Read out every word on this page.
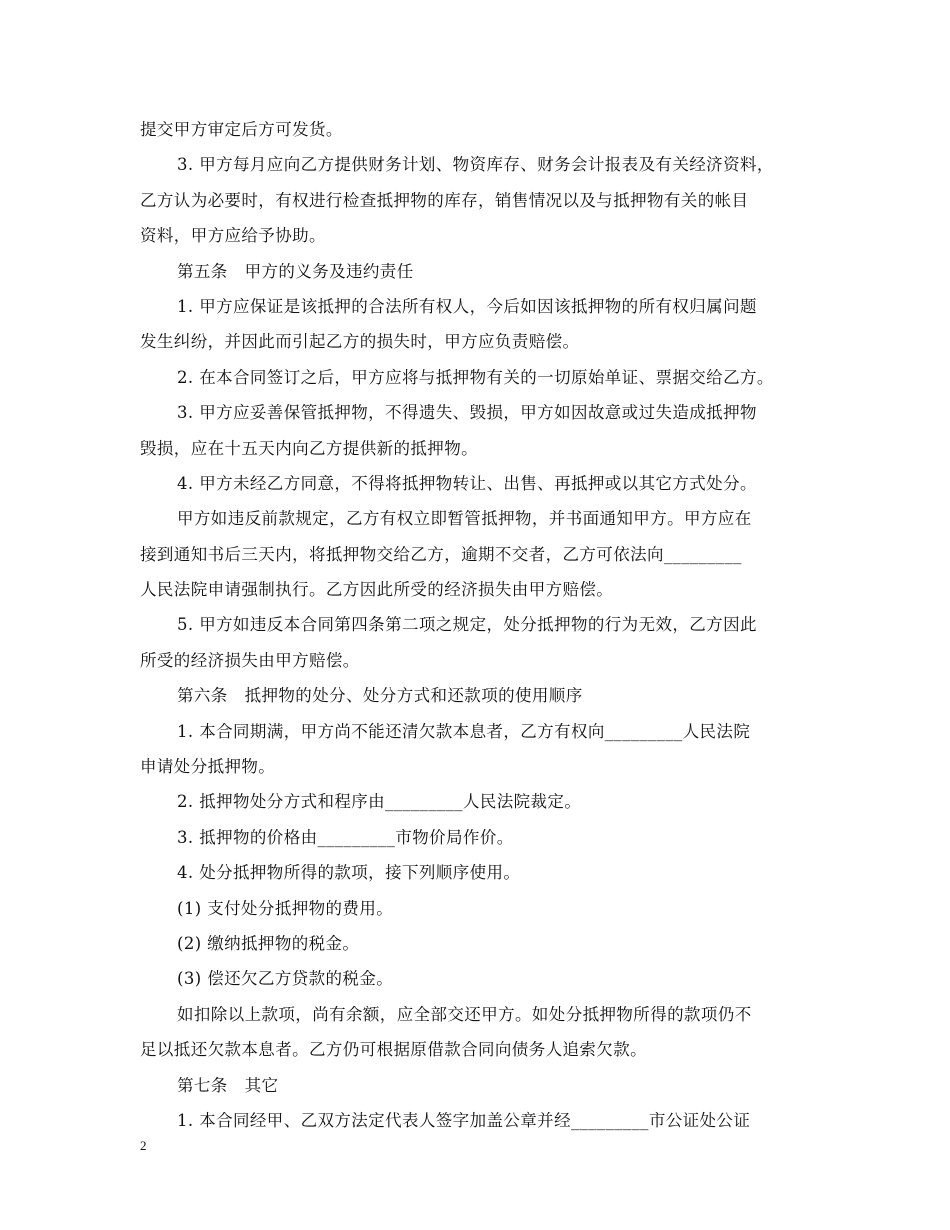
提交甲方审定后方可发货。
3. 甲方每月应向乙方提供财务计划、物资库存、财务会计报表及有关经济资料，
乙方认为必要时，有权进行检查抵押物的库存，销售情况以及与抵押物有关的帐目
资料，甲方应给予协助。
第五条　甲方的义务及违约责任
1. 甲方应保证是该抵押的合法所有权人，今后如因该抵押物的所有权归属问题
发生纠纷，并因此而引起乙方的损失时，甲方应负责赔偿。
2. 在本合同签订之后，甲方应将与抵押物有关的一切原始单证、票据交给乙方。
3. 甲方应妥善保管抵押物，不得遗失、毁损，甲方如因故意或过失造成抵押物
毁损，应在十五天内向乙方提供新的抵押物。
4. 甲方未经乙方同意，不得将抵押物转让、出售、再抵押或以其它方式处分。
甲方如违反前款规定，乙方有权立即暂管抵押物，并书面通知甲方。甲方应在
接到通知书后三天内，将抵押物交给乙方，逾期不交者，乙方可依法向_________
人民法院申请强制执行。乙方因此所受的经济损失由甲方赔偿。
5. 甲方如违反本合同第四条第二项之规定，处分抵押物的行为无效，乙方因此
所受的经济损失由甲方赔偿。
第六条　抵押物的处分、处分方式和还款项的使用顺序
1. 本合同期满，甲方尚不能还清欠款本息者，乙方有权向_________人民法院
申请处分抵押物。
2. 抵押物处分方式和程序由_________人民法院裁定。
3. 抵押物的价格由_________市物价局作价。
4. 处分抵押物所得的款项，接下列顺序使用。
(1) 支付处分抵押物的费用。
(2) 缴纳抵押物的税金。
(3) 偿还欠乙方贷款的税金。
如扣除以上款项，尚有余额，应全部交还甲方。如处分抵押物所得的款项仍不
足以抵还欠款本息者。乙方仍可根据原借款合同向债务人追索欠款。
第七条　其它
1. 本合同经甲、乙双方法定代表人签字加盖公章并经_________市公证处公证
2
